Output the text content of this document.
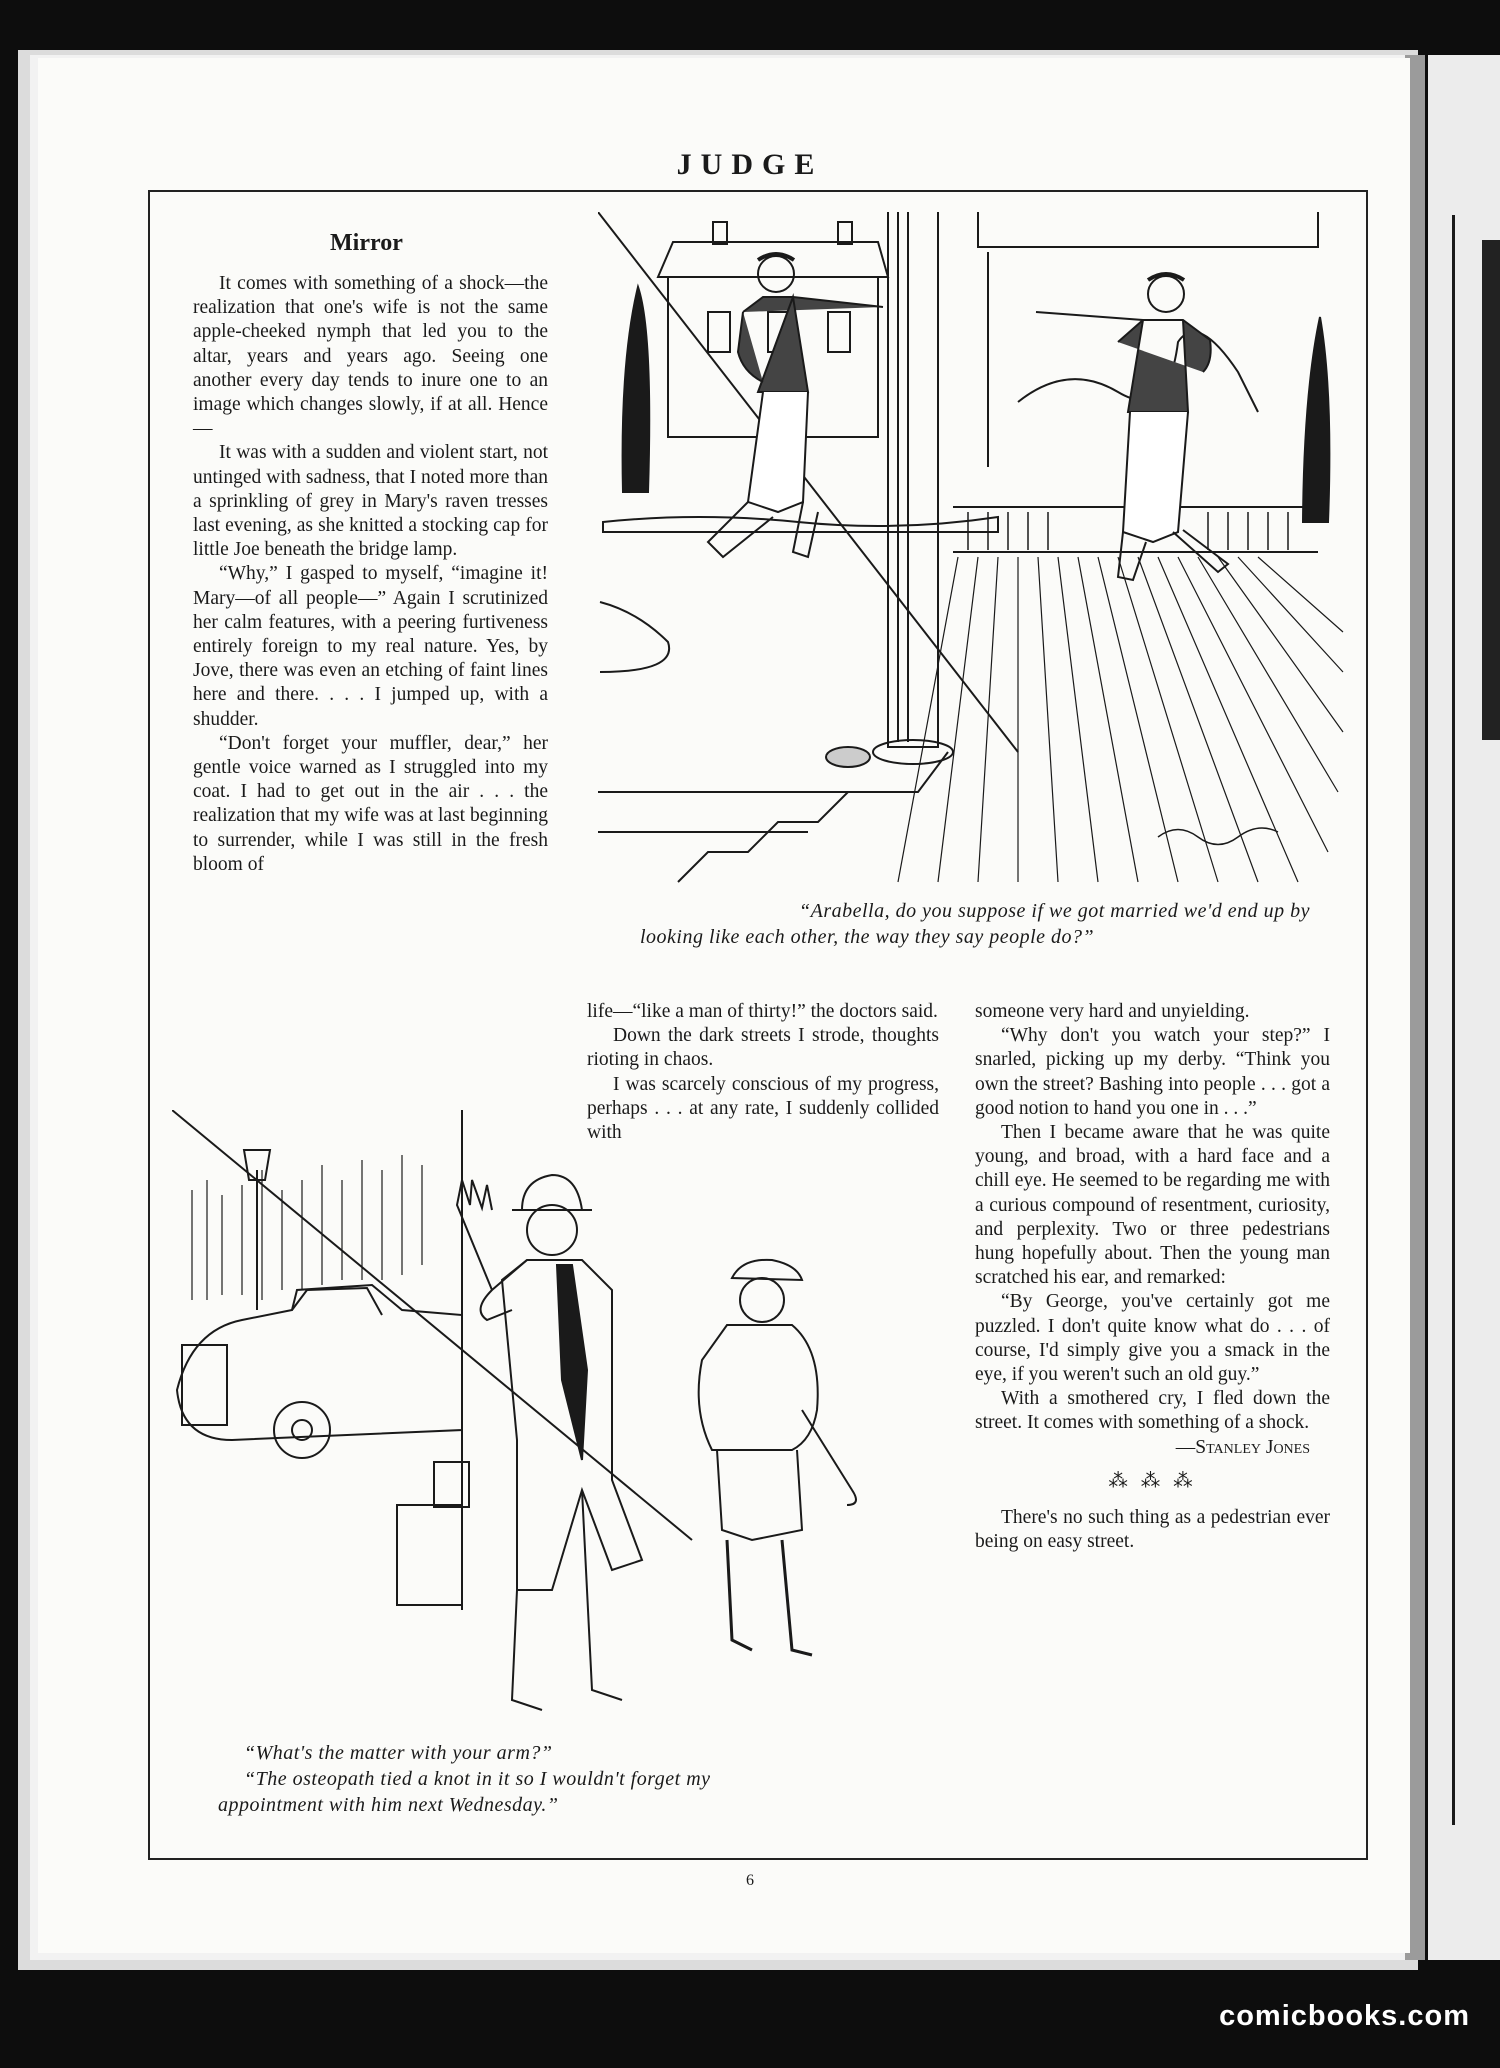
JUDGE
Mirror

It comes with something of a shock—the realization that one's wife is not the same apple-cheeked nymph that led you to the altar, years and years ago. Seeing one another every day tends to inure one to an image which changes slowly, if at all. Hence—

It was with a sudden and violent start, not untinged with sadness, that I noted more than a sprinkling of grey in Mary's raven tresses last evening, as she knitted a stocking cap for little Joe beneath the bridge lamp.

“Why,” I gasped to myself, “imagine it! Mary—of all people—” Again I scrutinized her calm features, with a peering furtiveness entirely foreign to my real nature. Yes, by Jove, there was even an etching of faint lines here and there. . . . I jumped up, with a shudder.

“Don't forget your muffler, dear,” her gentle voice warned as I struggled into my coat. I had to get out in the air . . . the realization that my wife was at last beginning to surrender, while I was still in the fresh bloom of

“Arabella, do you suppose if we got married we'd end up by
looking like each other, the way they say people do?”

life—“like a man of thirty!” the doctors said.

Down the dark streets I strode, thoughts rioting in chaos.

I was scarcely conscious of my progress, perhaps . . . at any rate, I suddenly collided with

someone very hard and unyielding.

“Why don't you watch your step?” I snarled, picking up my derby. “Think you own the street? Bashing into people . . . got a good notion to hand you one in . . .”

Then I became aware that he was quite young, and broad, with a hard face and a chill eye. He seemed to be regarding me with a curious compound of resentment, curiosity, and perplexity. Two or three pedestrians hung hopefully about. Then the young man scratched his ear, and remarked:

“By George, you've certainly got me puzzled. I don't quite know what do . . . of course, I'd simply give you a smack in the eye, if you weren't such an old guy.”

With a smothered cry, I fled down the street. It comes with something of a shock.

—Stanley Jones
⁂ ⁂ ⁂

There's no such thing as a pedestrian ever being on easy street.

“What's the matter with your arm?”
“The osteopath tied a knot in it so I wouldn't forget my
appointment with him next Wednesday.”
6
comicbooks.com
